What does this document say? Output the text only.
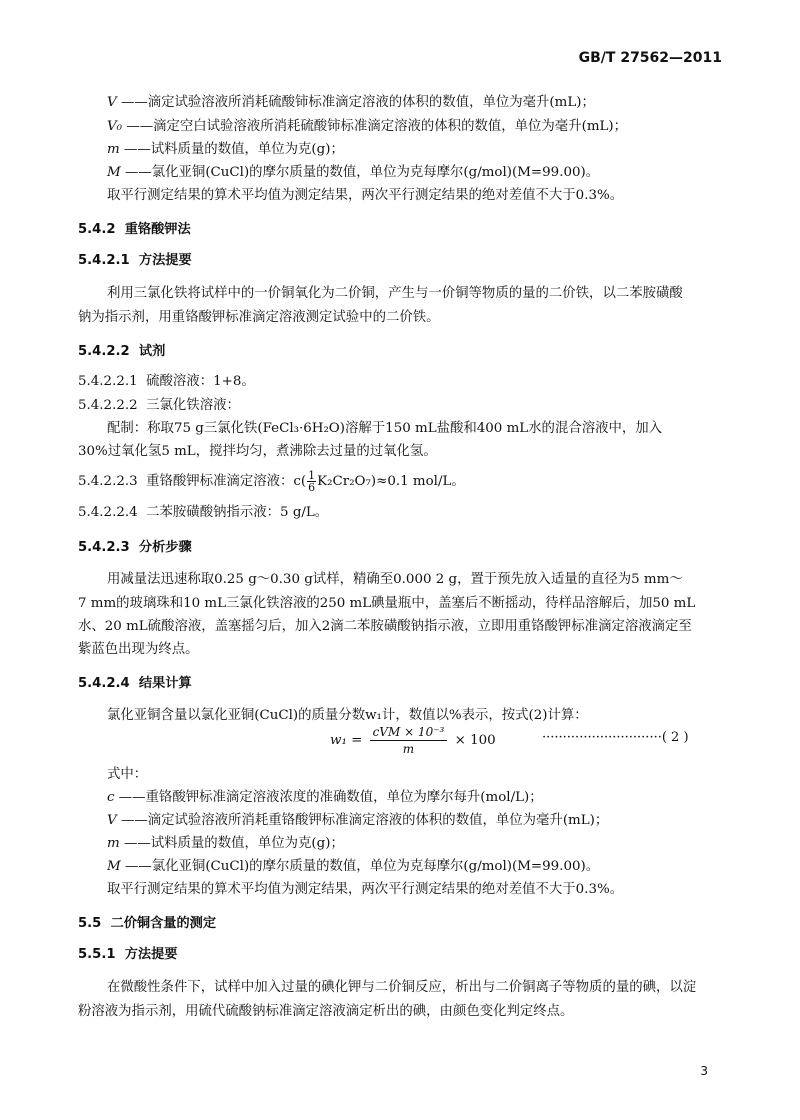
GB/T 27562—2011
V ——滴定试验溶液所消耗硫酸铈标准滴定溶液的体积的数值，单位为毫升(mL)；
V₀ ——滴定空白试验溶液所消耗硫酸铈标准滴定溶液的体积的数值，单位为毫升(mL)；
m ——试料质量的数值，单位为克(g)；
M ——氯化亚铜(CuCl)的摩尔质量的数值，单位为克每摩尔(g/mol)(M=99.00)。
取平行测定结果的算术平均值为测定结果，两次平行测定结果的绝对差值不大于0.3%。
5.4.2 重铬酸钾法
5.4.2.1 方法提要
利用三氯化铁将试样中的一价铜氧化为二价铜，产生与一价铜等物质的量的二价铁，以二苯胺磺酸
钠为指示剂，用重铬酸钾标准滴定溶液测定试验中的二价铁。
5.4.2.2 试剂
5.4.2.2.1 硫酸溶液：1+8。
5.4.2.2.2 三氯化铁溶液：
配制：称取75 g三氯化铁(FeCl₃·6H₂O)溶解于150 mL盐酸和400 mL水的混合溶液中，加入
30%过氧化氢5 mL，搅拌均匀，煮沸除去过量的过氧化氢。
5.4.2.2.3 重铬酸钾标准滴定溶液：$c( \frac{1}{6} K_2Cr_2O_7)\approx 0.1$ mol/L。
5.4.2.2.4 二苯胺磺酸钠指示液：5 g/L。
5.4.2.3 分析步骤
用减量法迅速称取0.25 g～0.30 g试样，精确至0.000 2 g，置于预先放入适量的直径为5 mm～
7 mm的玻璃珠和10 mL三氯化铁溶液的250 mL碘量瓶中，盖塞后不断摇动，待样品溶解后，加50 mL
水、20 mL硫酸溶液，盖塞摇匀后，加入2滴二苯胺磺酸钠指示液，立即用重铬酸钾标准滴定溶液滴定至
紫蓝色出现为终点。
5.4.2.4 结果计算
氯化亚铜含量以氯化亚铜(CuCl)的质量分数w₁计，数值以%表示，按式(2)计算：
w₁ =
cVM × 10⁻³
m × 100	·····························( 2 )
式中：
c ——重铬酸钾标准滴定溶液浓度的准确数值，单位为摩尔每升(mol/L)；
V ——滴定试验溶液所消耗重铬酸钾标准滴定溶液的体积的数值，单位为毫升(mL)；
m ——试料质量的数值，单位为克(g)；
M ——氯化亚铜(CuCl)的摩尔质量的数值，单位为克每摩尔(g/mol)(M=99.00)。
取平行测定结果的算术平均值为测定结果，两次平行测定结果的绝对差值不大于0.3%。
5.5 二价铜含量的测定
5.5.1 方法提要
在微酸性条件下，试样中加入过量的碘化钾与二价铜反应，析出与二价铜离子等物质的量的碘，以淀
粉溶液为指示剂，用硫代硫酸钠标准滴定溶液滴定析出的碘，由颜色变化判定终点。
3
